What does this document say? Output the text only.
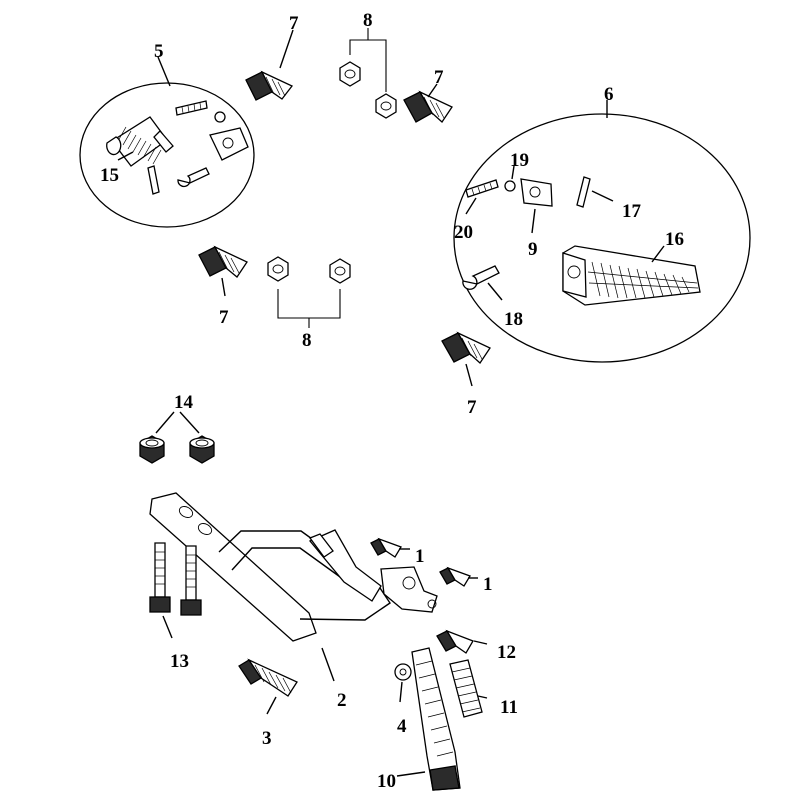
7	8
5
7
6
19
15
17
20
9	16
7	18
8
7
14
1
1
12
13
2	11
4
3
10
